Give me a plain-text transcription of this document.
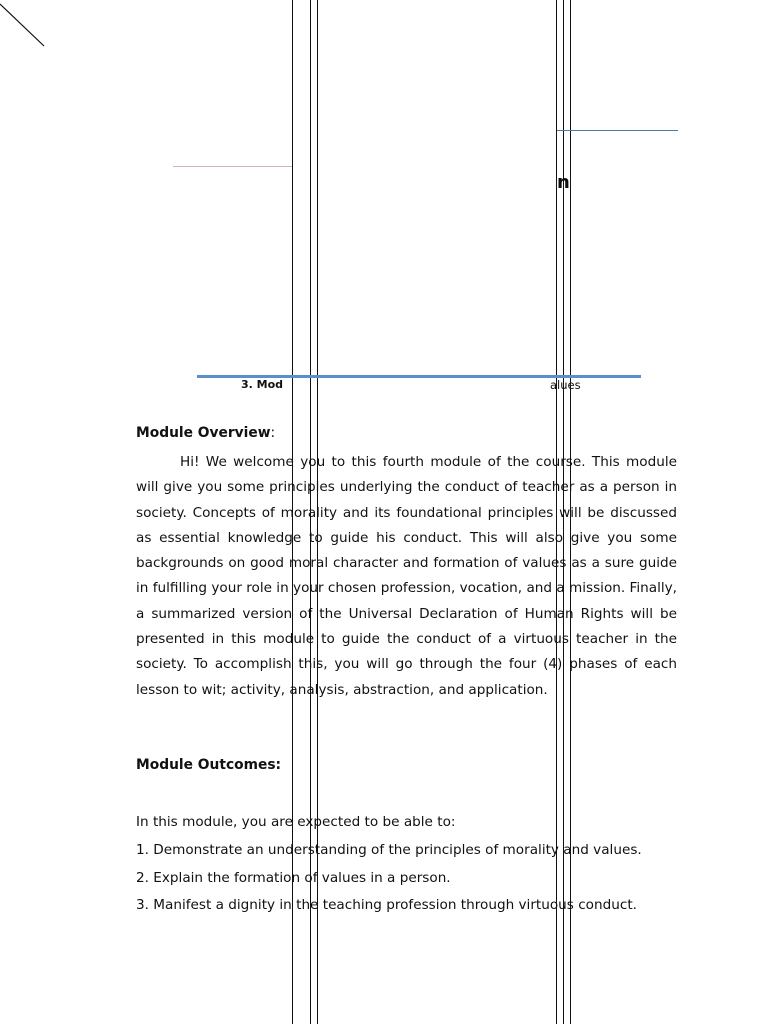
n
3. Mod	alues
Module Overview:

Hi! We welcome you to this fourth module of the course. This module will give you some principles underlying the conduct of teacher as a person in society. Concepts of morality and its foundational principles will be discussed as essential knowledge to guide his conduct. This will also give you some backgrounds on good moral character and formation of values as a sure guide in fulfilling your role in your chosen profession, vocation, and a mission. Finally, a summarized version of the Universal Declaration of Human Rights will be presented in this module to guide the conduct of a virtuous teacher in the society. To accomplish this, you will go through the four (4) phases of each lesson to wit; activity, analysis, abstraction, and application.

Module Outcomes:
In this module, you are expected to be able to:
1. Demonstrate an understanding of the principles of morality and values.
2. Explain the formation of values in a person.
3. Manifest a dignity in the teaching profession through virtuous conduct.
